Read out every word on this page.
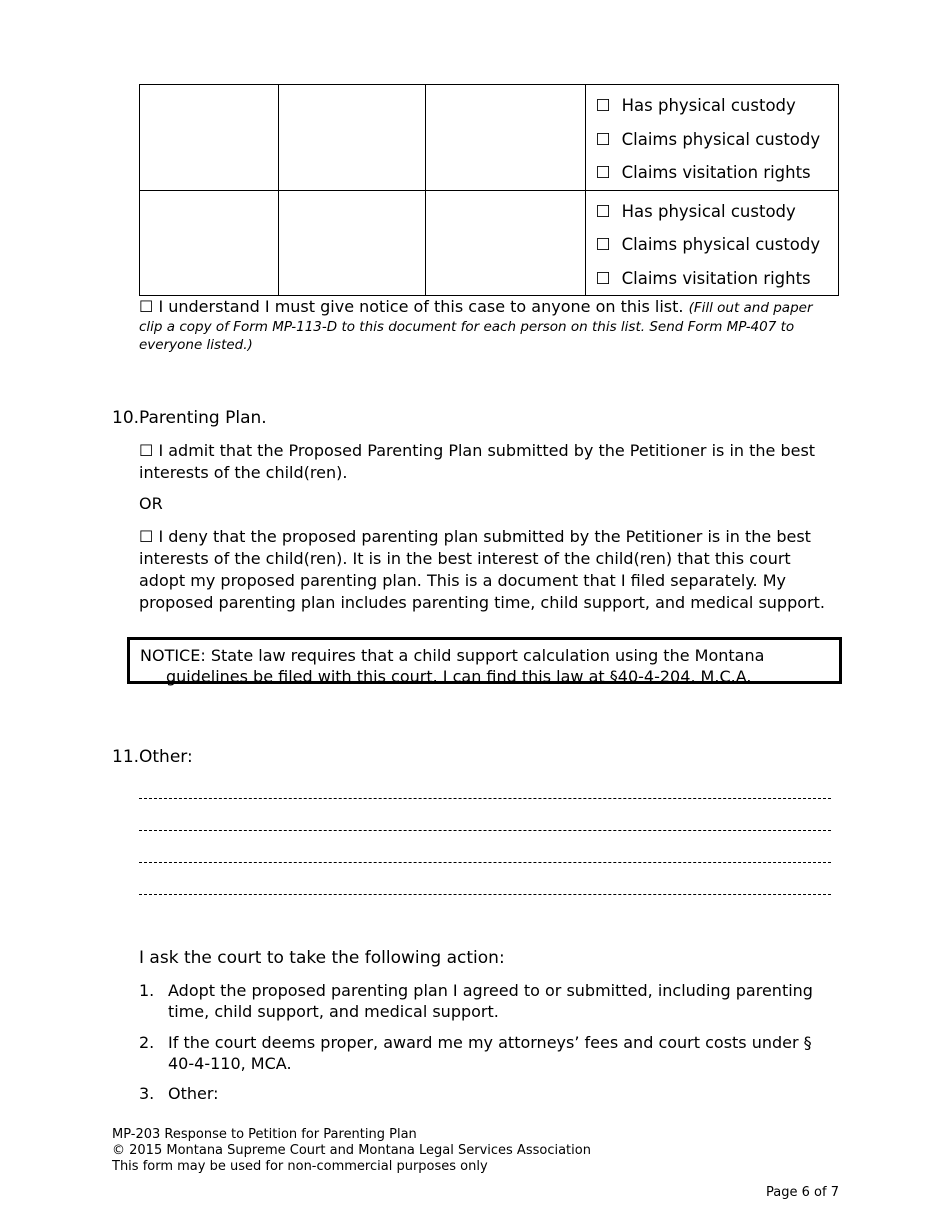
			☐ Has physical custody
☐ Claims physical custody
☐ Claims visitation rights

			☐ Has physical custody
☐ Claims physical custody
☐ Claims visitation rights
☐ I understand I must give notice of this case to anyone on this list. (Fill out and paper
clip a copy of Form MP-113-D to this document for each person on this list. Send Form MP-407 to
everyone listed.)
10. Parenting Plan.
☐ I admit that the Proposed Parenting Plan submitted by the Petitioner is in the best interests of the child(ren).
OR
☐ I deny that the proposed parenting plan submitted by the Petitioner is in the best interests of the child(ren). It is in the best interest of the child(ren) that this court adopt my proposed parenting plan. This is a document that I filed separately. My proposed parenting plan includes parenting time, child support, and medical support.
NOTICE: State law requires that a child support calculation using the Montana
guidelines be filed with this court. I can find this law at §40-4-204, M.C.A.
11. Other:
I ask the court to take the following action:
1. Adopt the proposed parenting plan I agreed to or submitted, including parenting time, child support, and medical support.
2. If the court deems proper, award me my attorneys’ fees and court costs under § 40-4-110, MCA.
3. Other:
MP-203 Response to Petition for Parenting Plan
© 2015 Montana Supreme Court and Montana Legal Services Association
This form may be used for non-commercial purposes only
Page 6 of 7
